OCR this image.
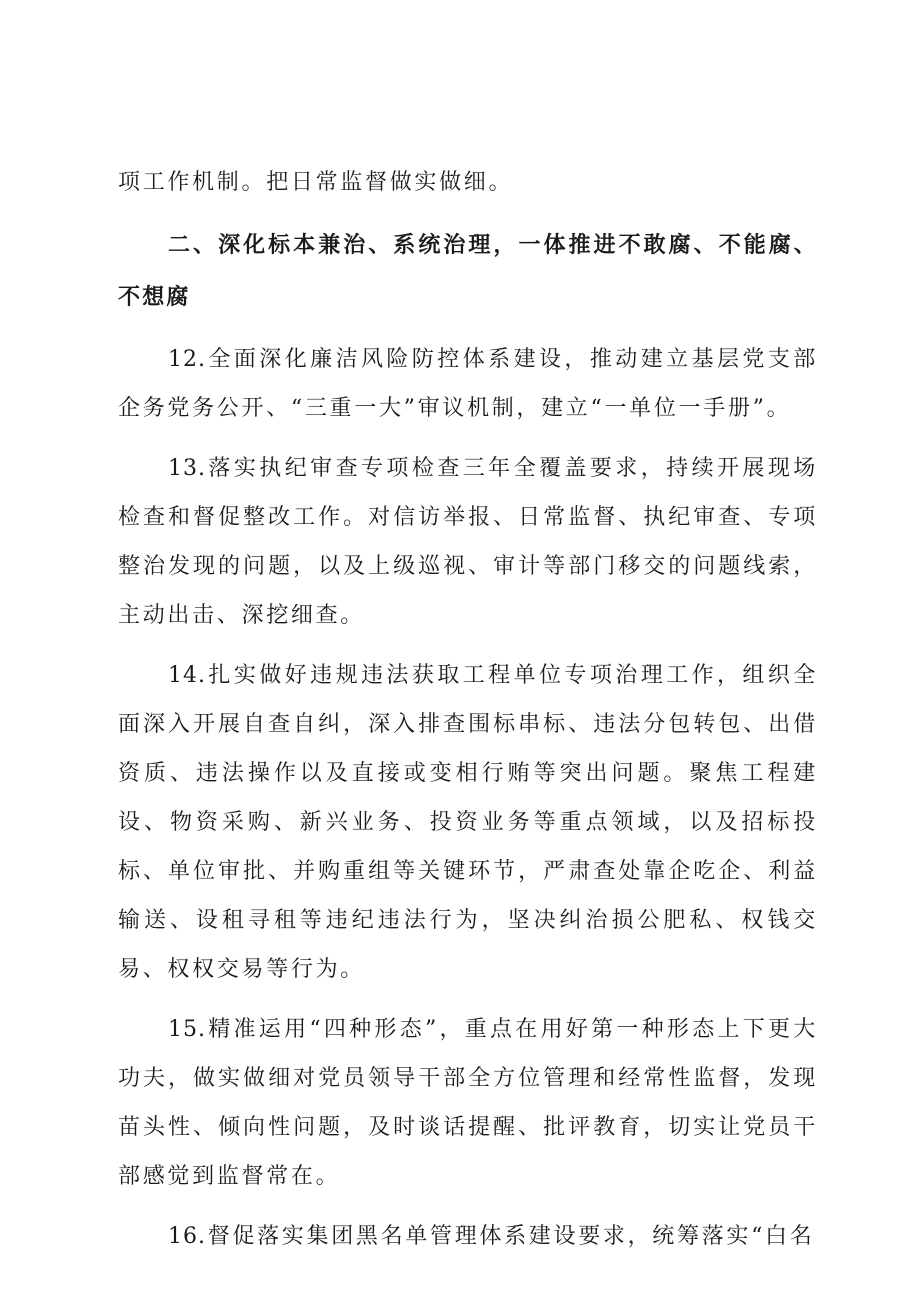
项工作机制。把日常监督做实做细。

二、深化标本兼治、系统治理，一体推进不敢腐、不能腐、不想腐

12.全面深化廉洁风险防控体系建设，推动建立基层党支部企务党务公开、“三重一大”审议机制，建立“一单位一手册”。

13.落实执纪审查专项检查三年全覆盖要求，持续开展现场检查和督促整改工作。对信访举报、日常监督、执纪审查、专项整治发现的问题，以及上级巡视、审计等部门移交的问题线索，主动出击、深挖细查。

14.扎实做好违规违法获取工程单位专项治理工作，组织全面深入开展自查自纠，深入排查围标串标、违法分包转包、出借资质、违法操作以及直接或变相行贿等突出问题。聚焦工程建设、物资采购、新兴业务、投资业务等重点领域，以及招标投标、单位审批、并购重组等关键环节，严肃查处靠企吃企、利益输送、设租寻租等违纪违法行为，坚决纠治损公肥私、权钱交易、权权交易等行为。

15.精准运用“四种形态”，重点在用好第一种形态上下更大功夫，做实做细对党员领导干部全方位管理和经常性监督，发现苗头性、倾向性问题，及时谈话提醒、批评教育，切实让党员干部感觉到监督常在。

16.督促落实集团黑名单管理体系建设要求，统筹落实“白名
